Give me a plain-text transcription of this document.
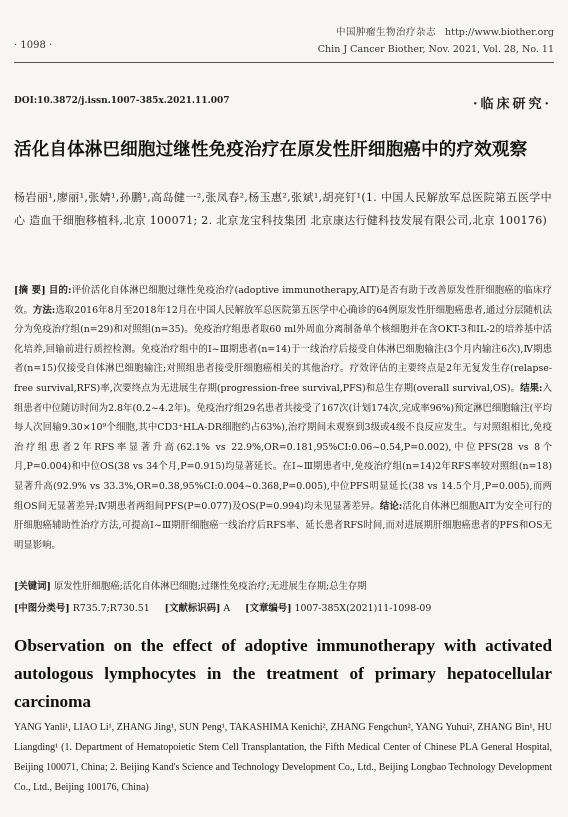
· 1098 ·
中国肿瘤生物治疗杂志 http://www.biother.org
Chin J Cancer Biother, Nov. 2021, Vol. 28, No. 11
DOI:10.3872/j.issn.1007-385x.2021.11.007	·临床研究·
活化自体淋巴细胞过继性免疫治疗在原发性肝细胞癌中的疗效观察
杨岩丽¹,廖丽¹,张婧¹,孙鹏¹,高岛健一²,张凤春²,杨玉惠²,张斌¹,胡亮钉¹(1. 中国人民解放军总医院第五医学中心 造血干细胞移植科,北京 100071; 2. 北京龙宝科技集团 北京康达行健科技发展有限公司,北京 100176)
[摘 要] 目的:评价活化自体淋巴细胞过继性免疫治疗(adoptive immunotherapy,AIT)是否有助于改善原发性肝细胞癌的临床疗效。方法:选取2016年8月至2018年12月在中国人民解放军总医院第五医学中心确诊的64例原发性肝细胞癌患者,通过分层随机法分为免疫治疗组(n=29)和对照组(n=35)。免疫治疗组患者取60 ml外周血分离制备单个核细胞并在含OKT-3和IL-2的培养基中活化培养,回输前进行质控检测。免疫治疗组中的Ⅰ~Ⅲ期患者(n=14)于一线治疗后接受自体淋巴细胞输注(3个月内输注6次),Ⅳ期患者(n=15)仅接受自体淋巴细胞输注;对照组患者接受肝细胞癌相关的其他治疗。疗效评估的主要终点是2年无复发生存(relapse-free survival,RFS)率,次要终点为无进展生存期(progression-free survival,PFS)和总生存期(overall survival,OS)。结果:入组患者中位随访时间为2.8年(0.2~4.2年)。免疫治疗组29名患者共接受了167次(计划174次,完成率96%)预定淋巴细胞输注(平均每人次回输9.30×10⁹个细胞,其中CD3⁺HLA-DR细胞约占63%),治疗期间未观察到3级或4级不良反应发生。与对照组相比,免疫治疗组患者2年RFS率显著升高(62.1% vs 22.9%,OR=0.181,95%CI:0.06~0.54,P=0.002),中位PFS(28 vs 8个月,P=0.004)和中位OS(38 vs 34个月,P=0.915)均显著延长。在Ⅰ~Ⅲ期患者中,免疫治疗组(n=14)2年RFS率较对照组(n=18)显著升高(92.9% vs 33.3%,OR=0.38,95%CI:0.004~0.368,P=0.005),中位PFS明显延长(38 vs 14.5个月,P=0.005),而两组OS间无显著差异;Ⅳ期患者两组间PFS(P=0.077)及OS(P=0.994)均未见显著差异。结论:活化自体淋巴细胞AIT为安全可行的肝细胞癌辅助性治疗方法,可提高Ⅰ~Ⅲ期肝细胞癌一线治疗后RFS率、延长患者RFS时间,而对进展期肝细胞癌患者的PFS和OS无明显影响。
[关键词] 原发性肝细胞癌;活化自体淋巴细胞;过继性免疫治疗;无进展生存期;总生存期
[中图分类号] R735.7;R730.51 [文献标识码] A [文章编号] 1007-385X(2021)11-1098-09
Observation on the effect of adoptive immunotherapy with activated autologous lymphocytes in the treatment of primary hepatocellular carcinoma
YANG Yanli¹, LIAO Li¹, ZHANG Jing¹, SUN Peng¹, TAKASHIMA Kenichi², ZHANG Fengchun², YANG Yuhui², ZHANG Bin¹, HU Liangding¹ (1. Department of Hematopoietic Stem Cell Transplantation, the Fifth Medical Center of Chinese PLA General Hospital, Beijing 100071, China; 2. Beijing Kand's Science and Technology Development Co., Ltd., Beijing Longbao Technology Development Co., Ltd., Beijing 100176, China)
